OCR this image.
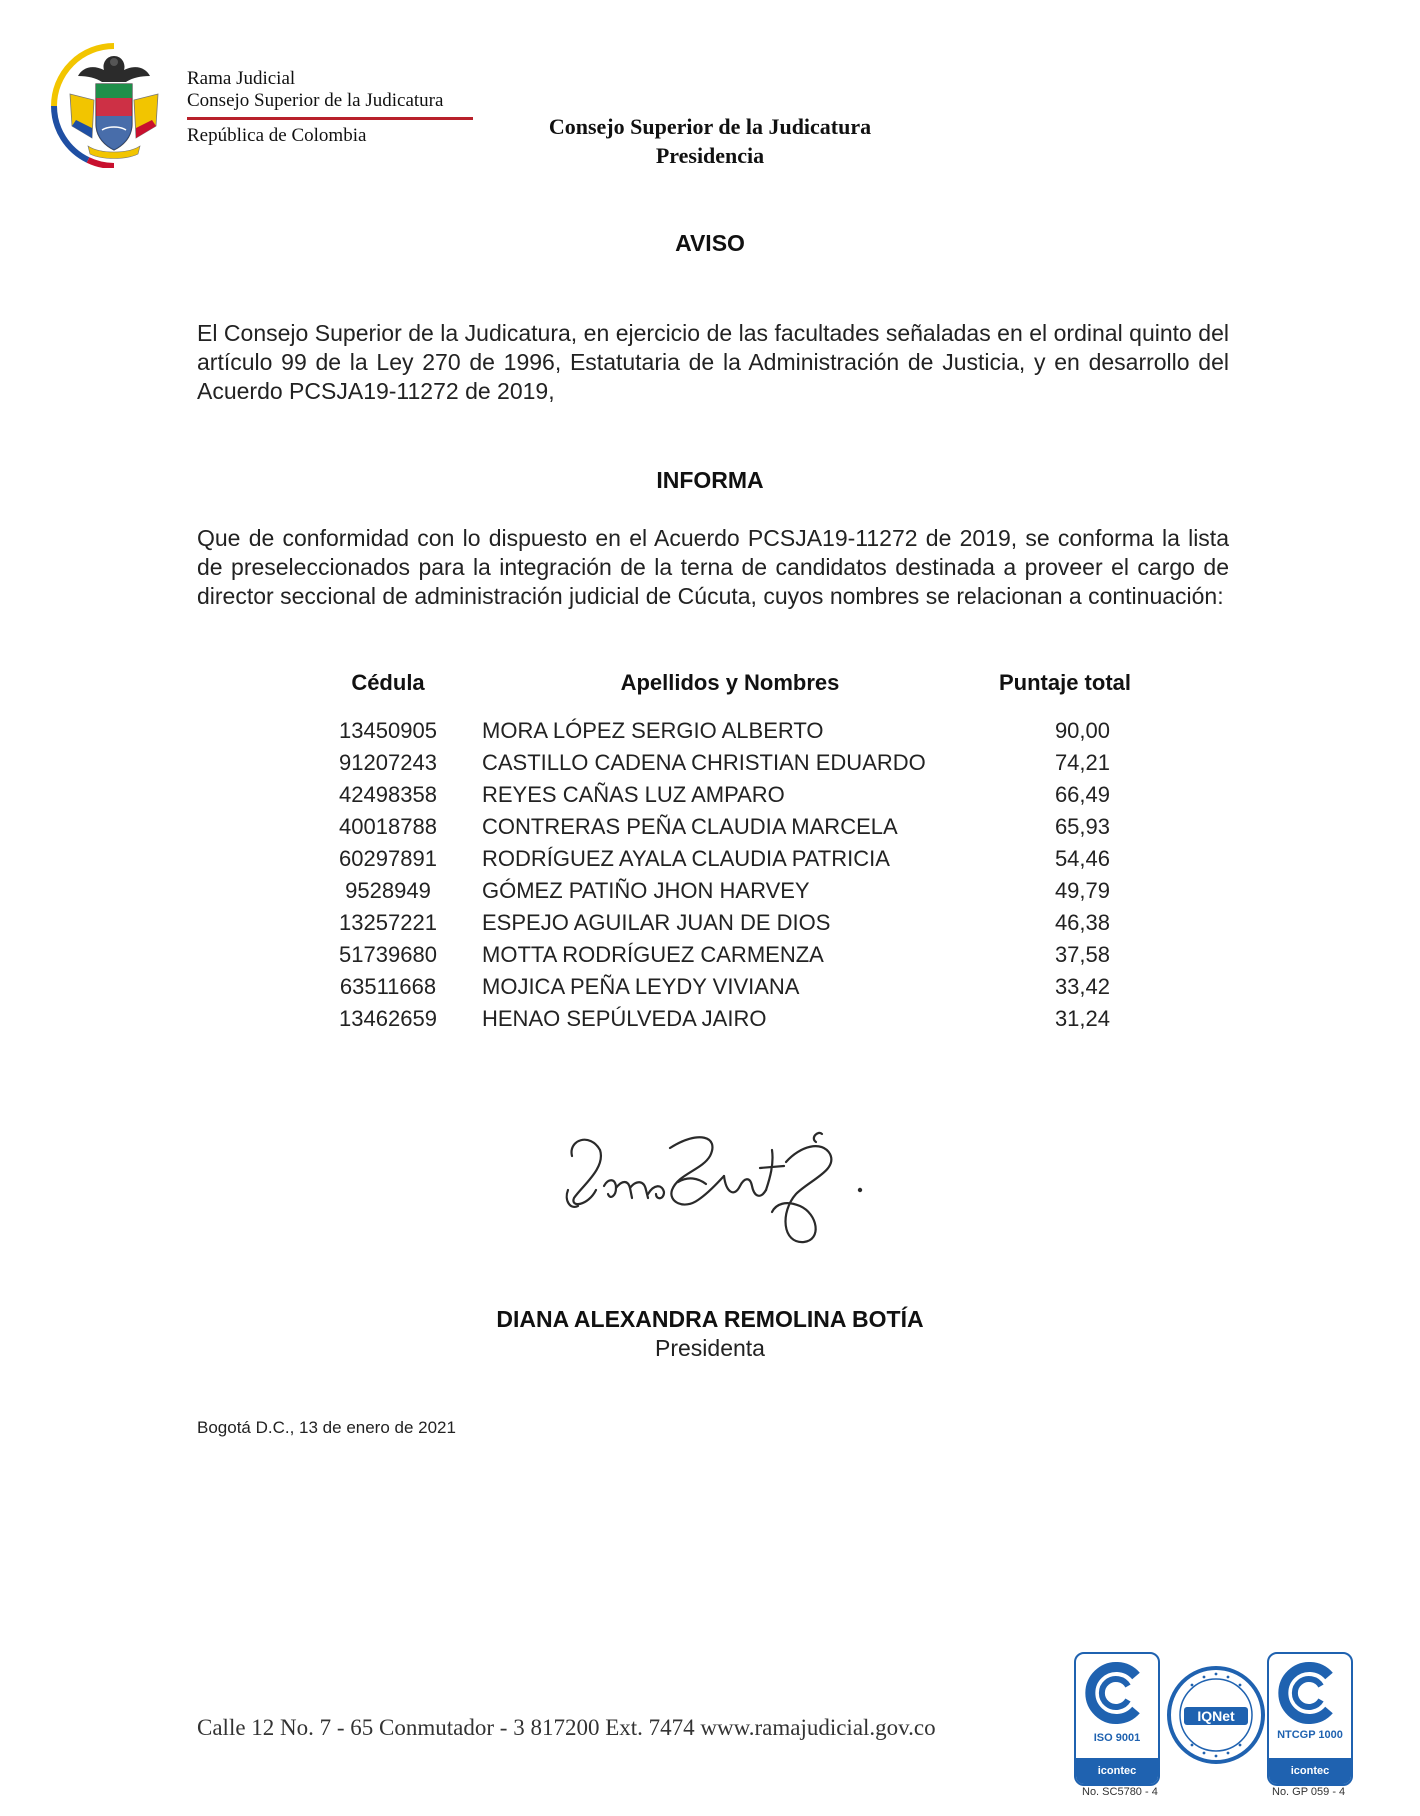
Rama Judicial
Consejo Superior de la Judicatura
República de Colombia	Consejo Superior de la Judicatura
Presidencia
AVISO
El Consejo Superior de la Judicatura, en ejercicio de las facultades señaladas en el ordinal quinto del artículo 99 de la Ley 270 de 1996, Estatutaria de la Administración de Justicia, y en desarrollo del Acuerdo PCSJA19-11272 de 2019,
INFORMA
Que de conformidad con lo dispuesto en el Acuerdo PCSJA19-11272 de 2019, se conforma la lista de preseleccionados para la integración de la terna de candidatos destinada a proveer el cargo de director seccional de administración judicial de Cúcuta, cuyos nombres se relacionan a continuación:
Cédula	Apellidos y Nombres	Puntaje total
13450905	MORA LÓPEZ SERGIO ALBERTO	90,00
91207243	CASTILLO CADENA CHRISTIAN EDUARDO	74,21
42498358	REYES CAÑAS LUZ AMPARO	66,49
40018788	CONTRERAS PEÑA CLAUDIA MARCELA	65,93
60297891	RODRÍGUEZ AYALA CLAUDIA PATRICIA	54,46
9528949	GÓMEZ PATIÑO JHON HARVEY	49,79
13257221	ESPEJO AGUILAR JUAN DE DIOS	46,38
51739680	MOTTA RODRÍGUEZ CARMENZA	37,58
63511668	MOJICA PEÑA LEYDY VIVIANA	33,42
13462659	HENAO SEPÚLVEDA JAIRO	31,24
DIANA ALEXANDRA REMOLINA BOTÍA
Presidenta
Bogotá D.C., 13 de enero de 2021
Calle 12 No. 7 - 65 Conmutador - 3 817200 Ext. 7474 www.ramajudicial.gov.co	ISO 9001
icontec
No. SC5780 - 4
IQNet
NTCGP 1000
icontec
No. GP 059 - 4
